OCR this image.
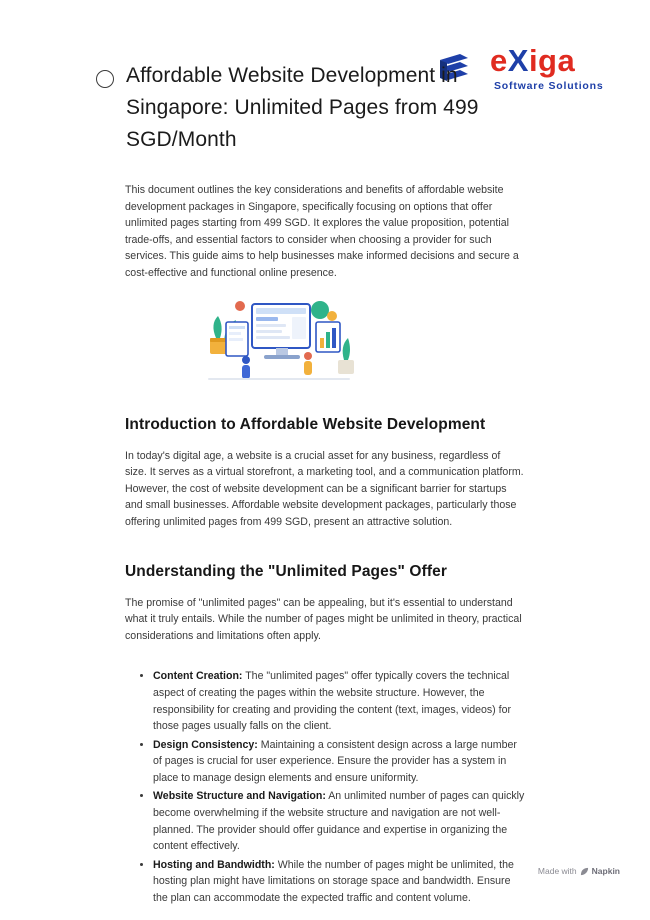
eXiga
Software Solutions
Affordable Website Development in Singapore: Unlimited Pages from 499 SGD/Month

This document outlines the key considerations and benefits of affordable website development packages in Singapore, specifically focusing on options that offer unlimited pages starting from 499 SGD. It explores the value proposition, potential trade-offs, and essential factors to consider when choosing a provider for such services. This guide aims to help businesses make informed decisions and secure a cost-effective and functional online presence.

Introduction to Affordable Website Development

In today's digital age, a website is a crucial asset for any business, regardless of size. It serves as a virtual storefront, a marketing tool, and a communication platform. However, the cost of website development can be a significant barrier for startups and small businesses. Affordable website development packages, particularly those offering unlimited pages from 499 SGD, present an attractive solution.

Understanding the "Unlimited Pages" Offer

The promise of "unlimited pages" can be appealing, but it's essential to understand what it truly entails. While the number of pages might be unlimited in theory, practical considerations and limitations often apply.

• Content Creation: The "unlimited pages" offer typically covers the technical aspect of creating the pages within the website structure. However, the responsibility for creating and providing the content (text, images, videos) for those pages usually falls on the client.
• Design Consistency: Maintaining a consistent design across a large number of pages is crucial for user experience. Ensure the provider has a system in place to manage design elements and ensure uniformity.
• Website Structure and Navigation: An unlimited number of pages can quickly become overwhelming if the website structure and navigation are not well-planned. The provider should offer guidance and expertise in organizing the content effectively.
• Hosting and Bandwidth: While the number of pages might be unlimited, the hosting plan might have limitations on storage space and bandwidth. Ensure the plan can accommodate the expected traffic and content volume.
Made with Napkin
